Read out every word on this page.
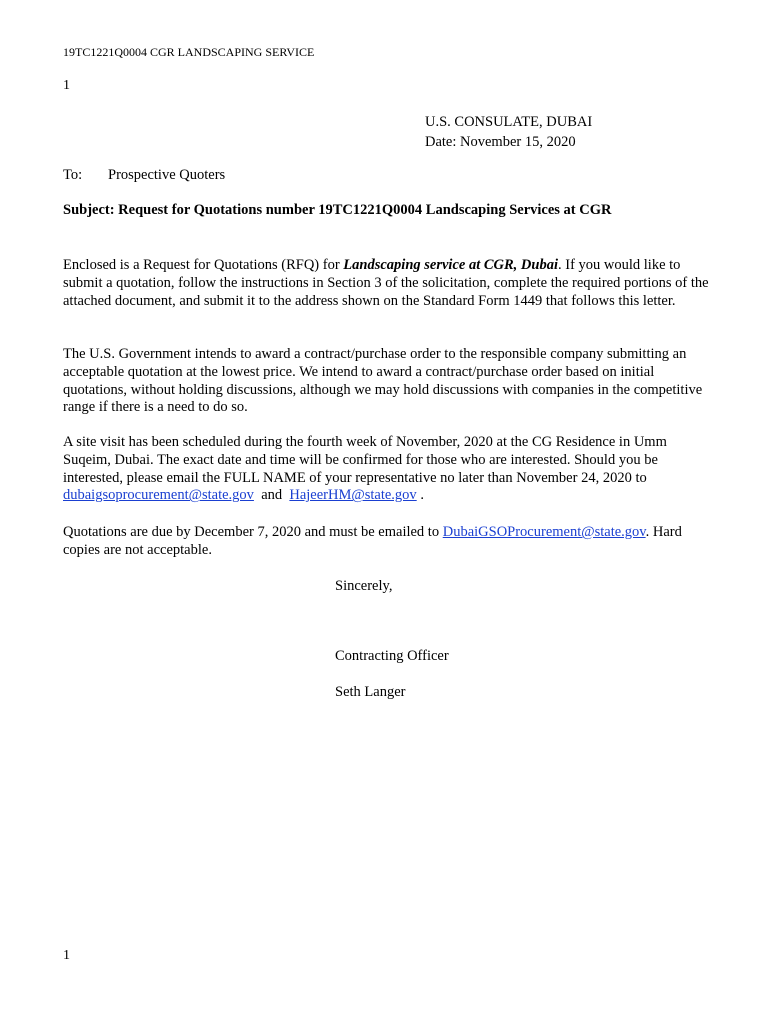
19TC1221Q0004 CGR LANDSCAPING SERVICE
1
U.S. CONSULATE, DUBAI
Date: November 15, 2020
To: Prospective Quoters
Subject: Request for Quotations number 19TC1221Q0004 Landscaping Services at CGR
Enclosed is a Request for Quotations (RFQ) for Landscaping service at CGR, Dubai. If you would like to submit a quotation, follow the instructions in Section 3 of the solicitation, complete the required portions of the attached document, and submit it to the address shown on the Standard Form 1449 that follows this letter.
The U.S. Government intends to award a contract/purchase order to the responsible company submitting an acceptable quotation at the lowest price. We intend to award a contract/purchase order based on initial quotations, without holding discussions, although we may hold discussions with companies in the competitive range if there is a need to do so.
A site visit has been scheduled during the fourth week of November, 2020 at the CG Residence in Umm Suqeim, Dubai. The exact date and time will be confirmed for those who are interested. Should you be interested, please email the FULL NAME of your representative no later than November 24, 2020 to dubaigsoprocurement@state.gov  and  HajeerHM@state.gov .
Quotations are due by December 7, 2020 and must be emailed to DubaiGSOProcurement@state.gov. Hard copies are not acceptable.
Sincerely,
Contracting Officer
Seth Langer
1
